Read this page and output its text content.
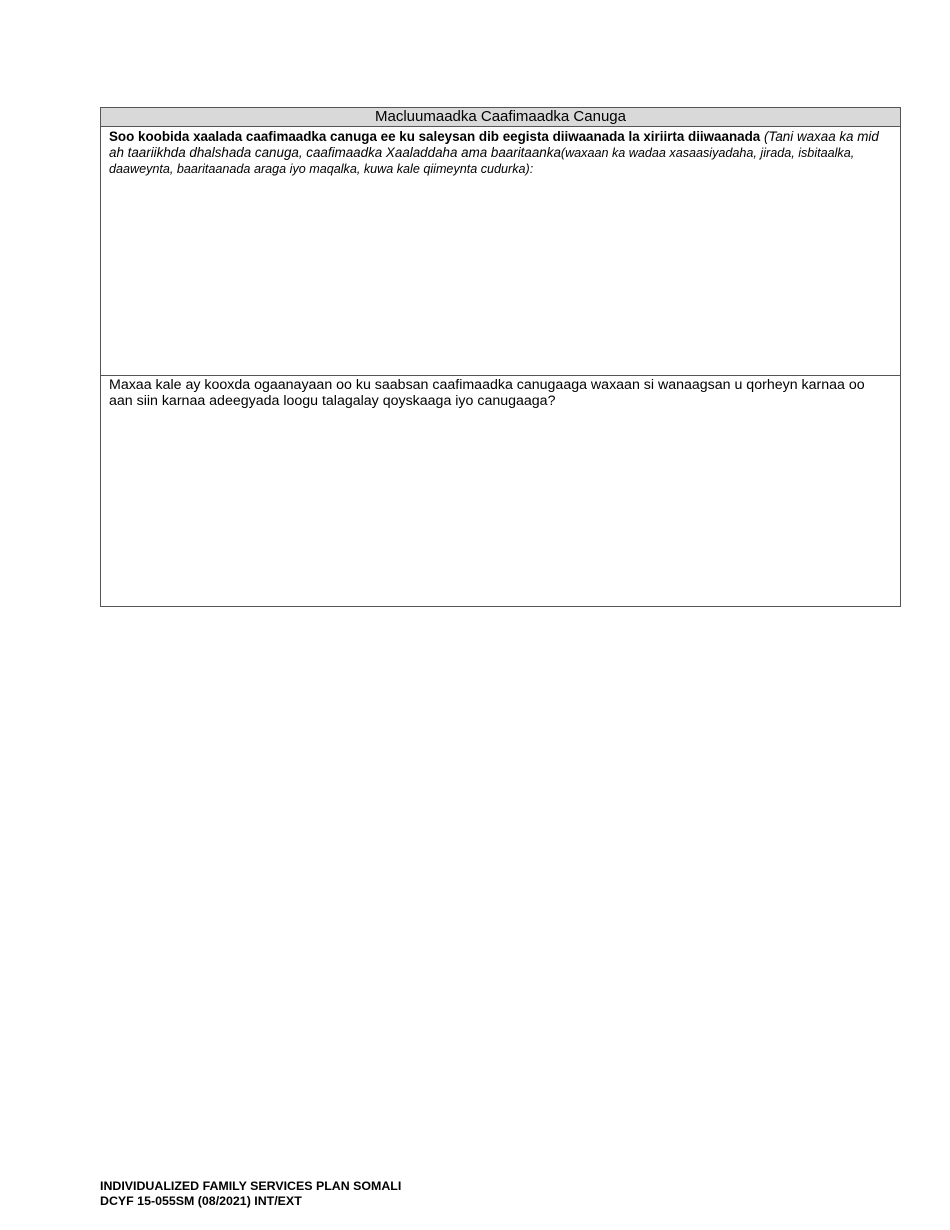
Macluumaadka Caafimaadka Canuga
Soo koobida xaalada caafimaadka canuga ee ku saleysan dib eegista diiwaanada la xiriirta diiwaanada (Tani waxaa ka mid ah taariikhda dhalshada canuga, caafimaadka Xaaladdaha ama baaritaanka(waxaan ka wadaa xasaasiyadaha, jirada, isbitaalka, daaweynta, baaritaanada araga iyo maqalka, kuwa kale qiimeynta cudurka):
Maxaa kale ay kooxda ogaanayaan oo ku saabsan caafimaadka canugaaga waxaan si wanaagsan u qorheyn karnaa oo aan siin karnaa adeegyada loogu talagalay qoyskaaga iyo canugaaga?
INDIVIDUALIZED FAMILY SERVICES PLAN SOMALI
DCYF 15-055SM (08/2021) INT/EXT
